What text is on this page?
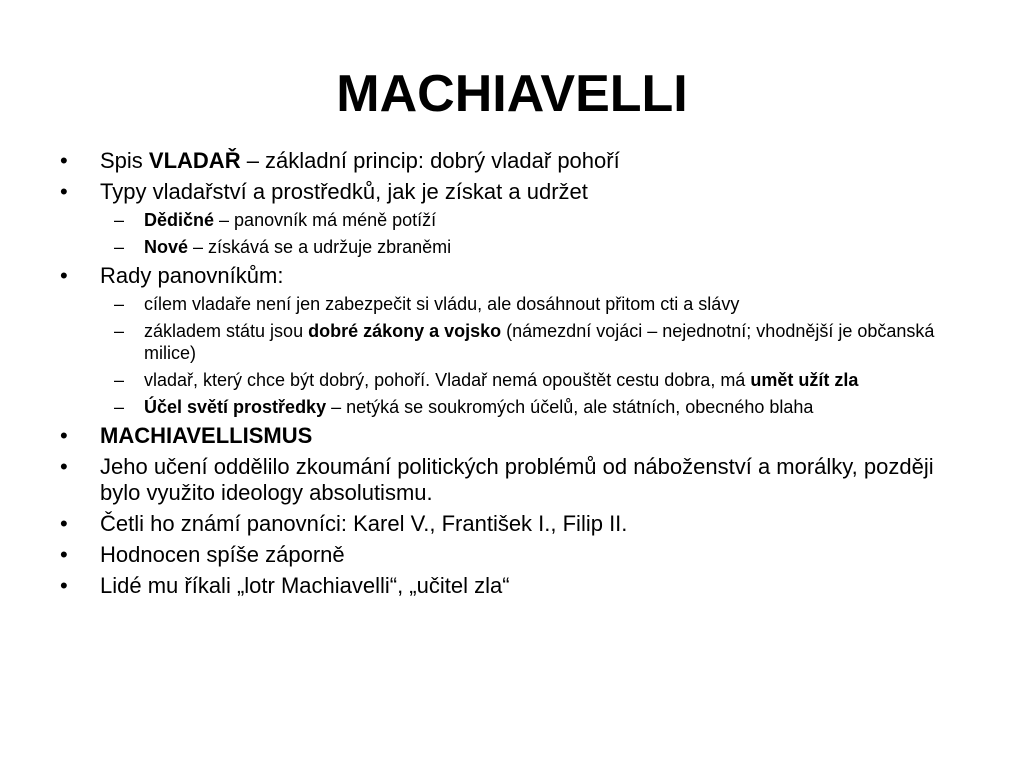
MACHIAVELLI
• Spis VLADAŘ – základní princip: dobrý vladař pohoří
• Typy vladařství a prostředků, jak je získat a udržet
– Dědičné – panovník má méně potíží
– Nové – získává se a udržuje zbraněmi
• Rady panovníkům:
– cílem vladaře není jen zabezpečit si vládu, ale dosáhnout přitom cti a slávy
– základem státu jsou dobré zákony a vojsko (námezdní vojáci – nejednotní; vhodnější je občanská milice)
– vladař, který chce být dobrý, pohoří. Vladař nemá opouštět cestu dobra, má umět užít zla
– Účel světí prostředky – netýká se soukromých účelů, ale státních, obecného blaha
• MACHIAVELLISMUS
• Jeho učení oddělilo zkoumání politických problémů od náboženství a morálky, později bylo využito ideology absolutismu.
• Četli ho známí panovníci: Karel V., František I., Filip II.
• Hodnocen spíše záporně
• Lidé mu říkali „lotr Machiavelli“, „učitel zla“
